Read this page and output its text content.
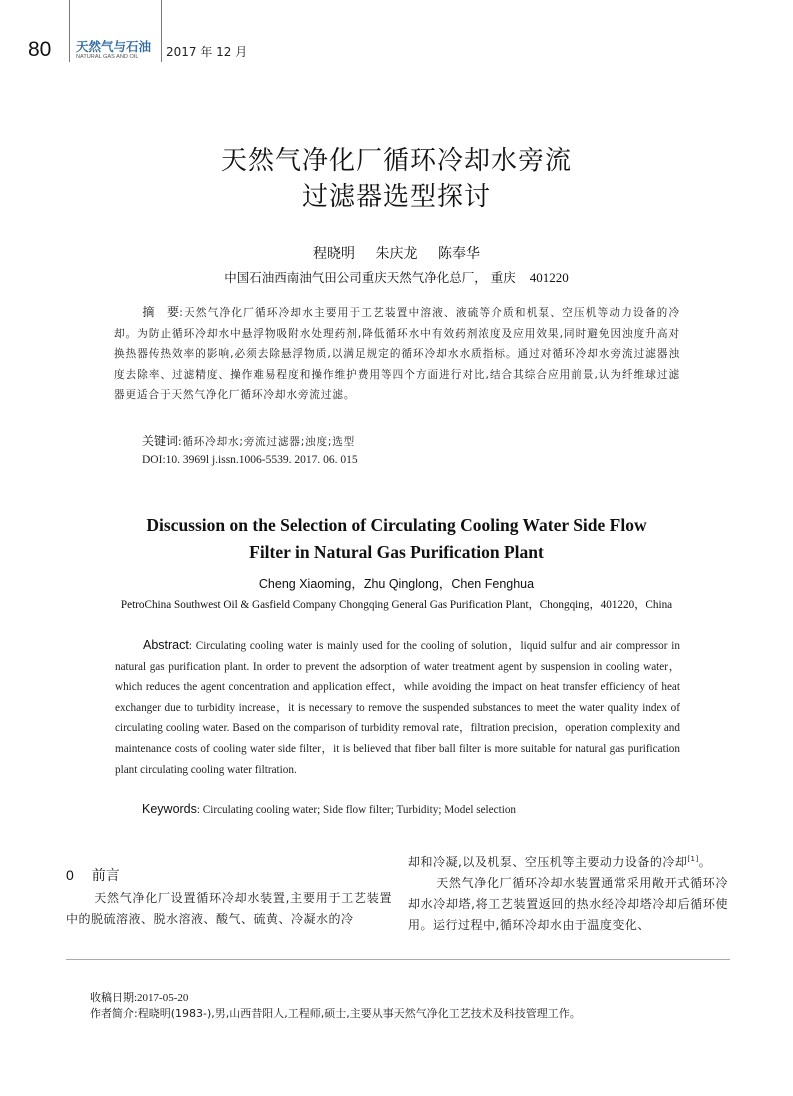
80 天然气与石油
NATURAL GAS AND OIL 2017 年 12 月
天然气净化厂循环冷却水旁流
过滤器选型探讨
程晓明 朱庆龙 陈奉华
中国石油西南油气田公司重庆天然气净化总厂， 重庆 401220
摘　要:天然气净化厂循环冷却水主要用于工艺装置中溶液、液硫等介质和机泵、空压机等动力设备的冷却。为防止循环冷却水中悬浮物吸附水处理药剂,降低循环水中有效药剂浓度及应用效果,同时避免因浊度升高对换热器传热效率的影响,必须去除悬浮物质,以满足规定的循环冷却水水质指标。通过对循环冷却水旁流过滤器浊度去除率、过滤精度、操作难易程度和操作维护费用等四个方面进行对比,结合其综合应用前景,认为纤维球过滤器更适合于天然气净化厂循环冷却水旁流过滤。
关键词:循环冷却水;旁流过滤器;浊度;选型
DOI:10. 3969l j.issn.1006-5539. 2017. 06. 015
Discussion on the Selection of Circulating Cooling Water Side Flow
Filter in Natural Gas Purification Plant
Cheng Xiaoming，Zhu Qinglong，Chen Fenghua
PetroChina Southwest Oil & Gasfield Company Chongqing General Gas Purification Plant，Chongqing，401220，China
Abstract: Circulating cooling water is mainly used for the cooling of solution，liquid sulfur and air compressor in natural gas purification plant. In order to prevent the adsorption of water treatment agent by suspension in cooling water，which reduces the agent concentration and application effect，while avoiding the impact on heat transfer efficiency of heat exchanger due to turbidity increase，it is necessary to remove the suspended substances to meet the water quality index of circulating cooling water. Based on the comparison of turbidity removal rate，filtration precision，operation complexity and maintenance costs of cooling water side filter，it is believed that fiber ball filter is more suitable for natural gas purification plant circulating cooling water filtration.
Keywords: Circulating cooling water; Side flow filter; Turbidity; Model selection
0 前言
天然气净化厂设置循环冷却水装置,主要用于工艺装置中的脱硫溶液、脱水溶液、酸气、硫黄、冷凝水的冷
却和冷凝,以及机泵、空压机等主要动力设备的冷却[1]。
天然气净化厂循环冷却水装置通常采用敞开式循环冷却水冷却塔,将工艺装置返回的热水经冷却塔冷却后循环使用。运行过程中,循环冷却水由于温度变化、
收稿日期:2017-05-20
作者简介:程晓明(1983-),男,山西昔阳人,工程师,硕士,主要从事天然气净化工艺技术及科技管理工作。
